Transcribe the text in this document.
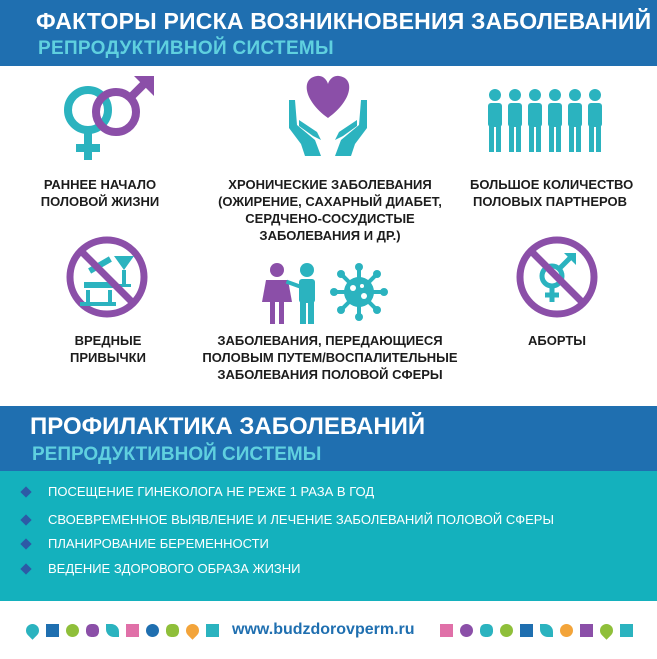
ФАКТОРЫ РИСКА ВОЗНИКНОВЕНИЯ ЗАБОЛЕВАНИЙ
РЕПРОДУКТИВНОЙ СИСТЕМЫ
РАННЕЕ НАЧАЛО
ПОЛОВОЙ ЖИЗНИ
ХРОНИЧЕСКИЕ ЗАБОЛЕВАНИЯ
(ОЖИРЕНИЕ, САХАРНЫЙ ДИАБЕТ,
СЕРДЧЕНО-СОСУДИСТЫЕ
ЗАБОЛЕВАНИЯ И ДР.)
БОЛЬШОЕ КОЛИЧЕСТВО
ПОЛОВЫХ ПАРТНЕРОВ
ВРЕДНЫЕ
ПРИВЫЧКИ
ЗАБОЛЕВАНИЯ, ПЕРЕДАЮЩИЕСЯ
ПОЛОВЫМ ПУТЕМ/ВОСПАЛИТЕЛЬНЫЕ
ЗАБОЛЕВАНИЯ ПОЛОВОЙ СФЕРЫ
АБОРТЫ
ПРОФИЛАКТИКА ЗАБОЛЕВАНИЙ
РЕПРОДУКТИВНОЙ СИСТЕМЫ
ПОСЕЩЕНИЕ ГИНЕКОЛОГА НЕ РЕЖЕ 1 РАЗА В ГОД
СВОЕВРЕМЕННОЕ ВЫЯВЛЕНИЕ И ЛЕЧЕНИЕ ЗАБОЛЕВАНИЙ ПОЛОВОЙ СФЕРЫ
ПЛАНИРОВАНИЕ БЕРЕМЕННОСТИ
ВЕДЕНИЕ ЗДОРОВОГО ОБРАЗА ЖИЗНИ
www.budzdorovperm.ru
